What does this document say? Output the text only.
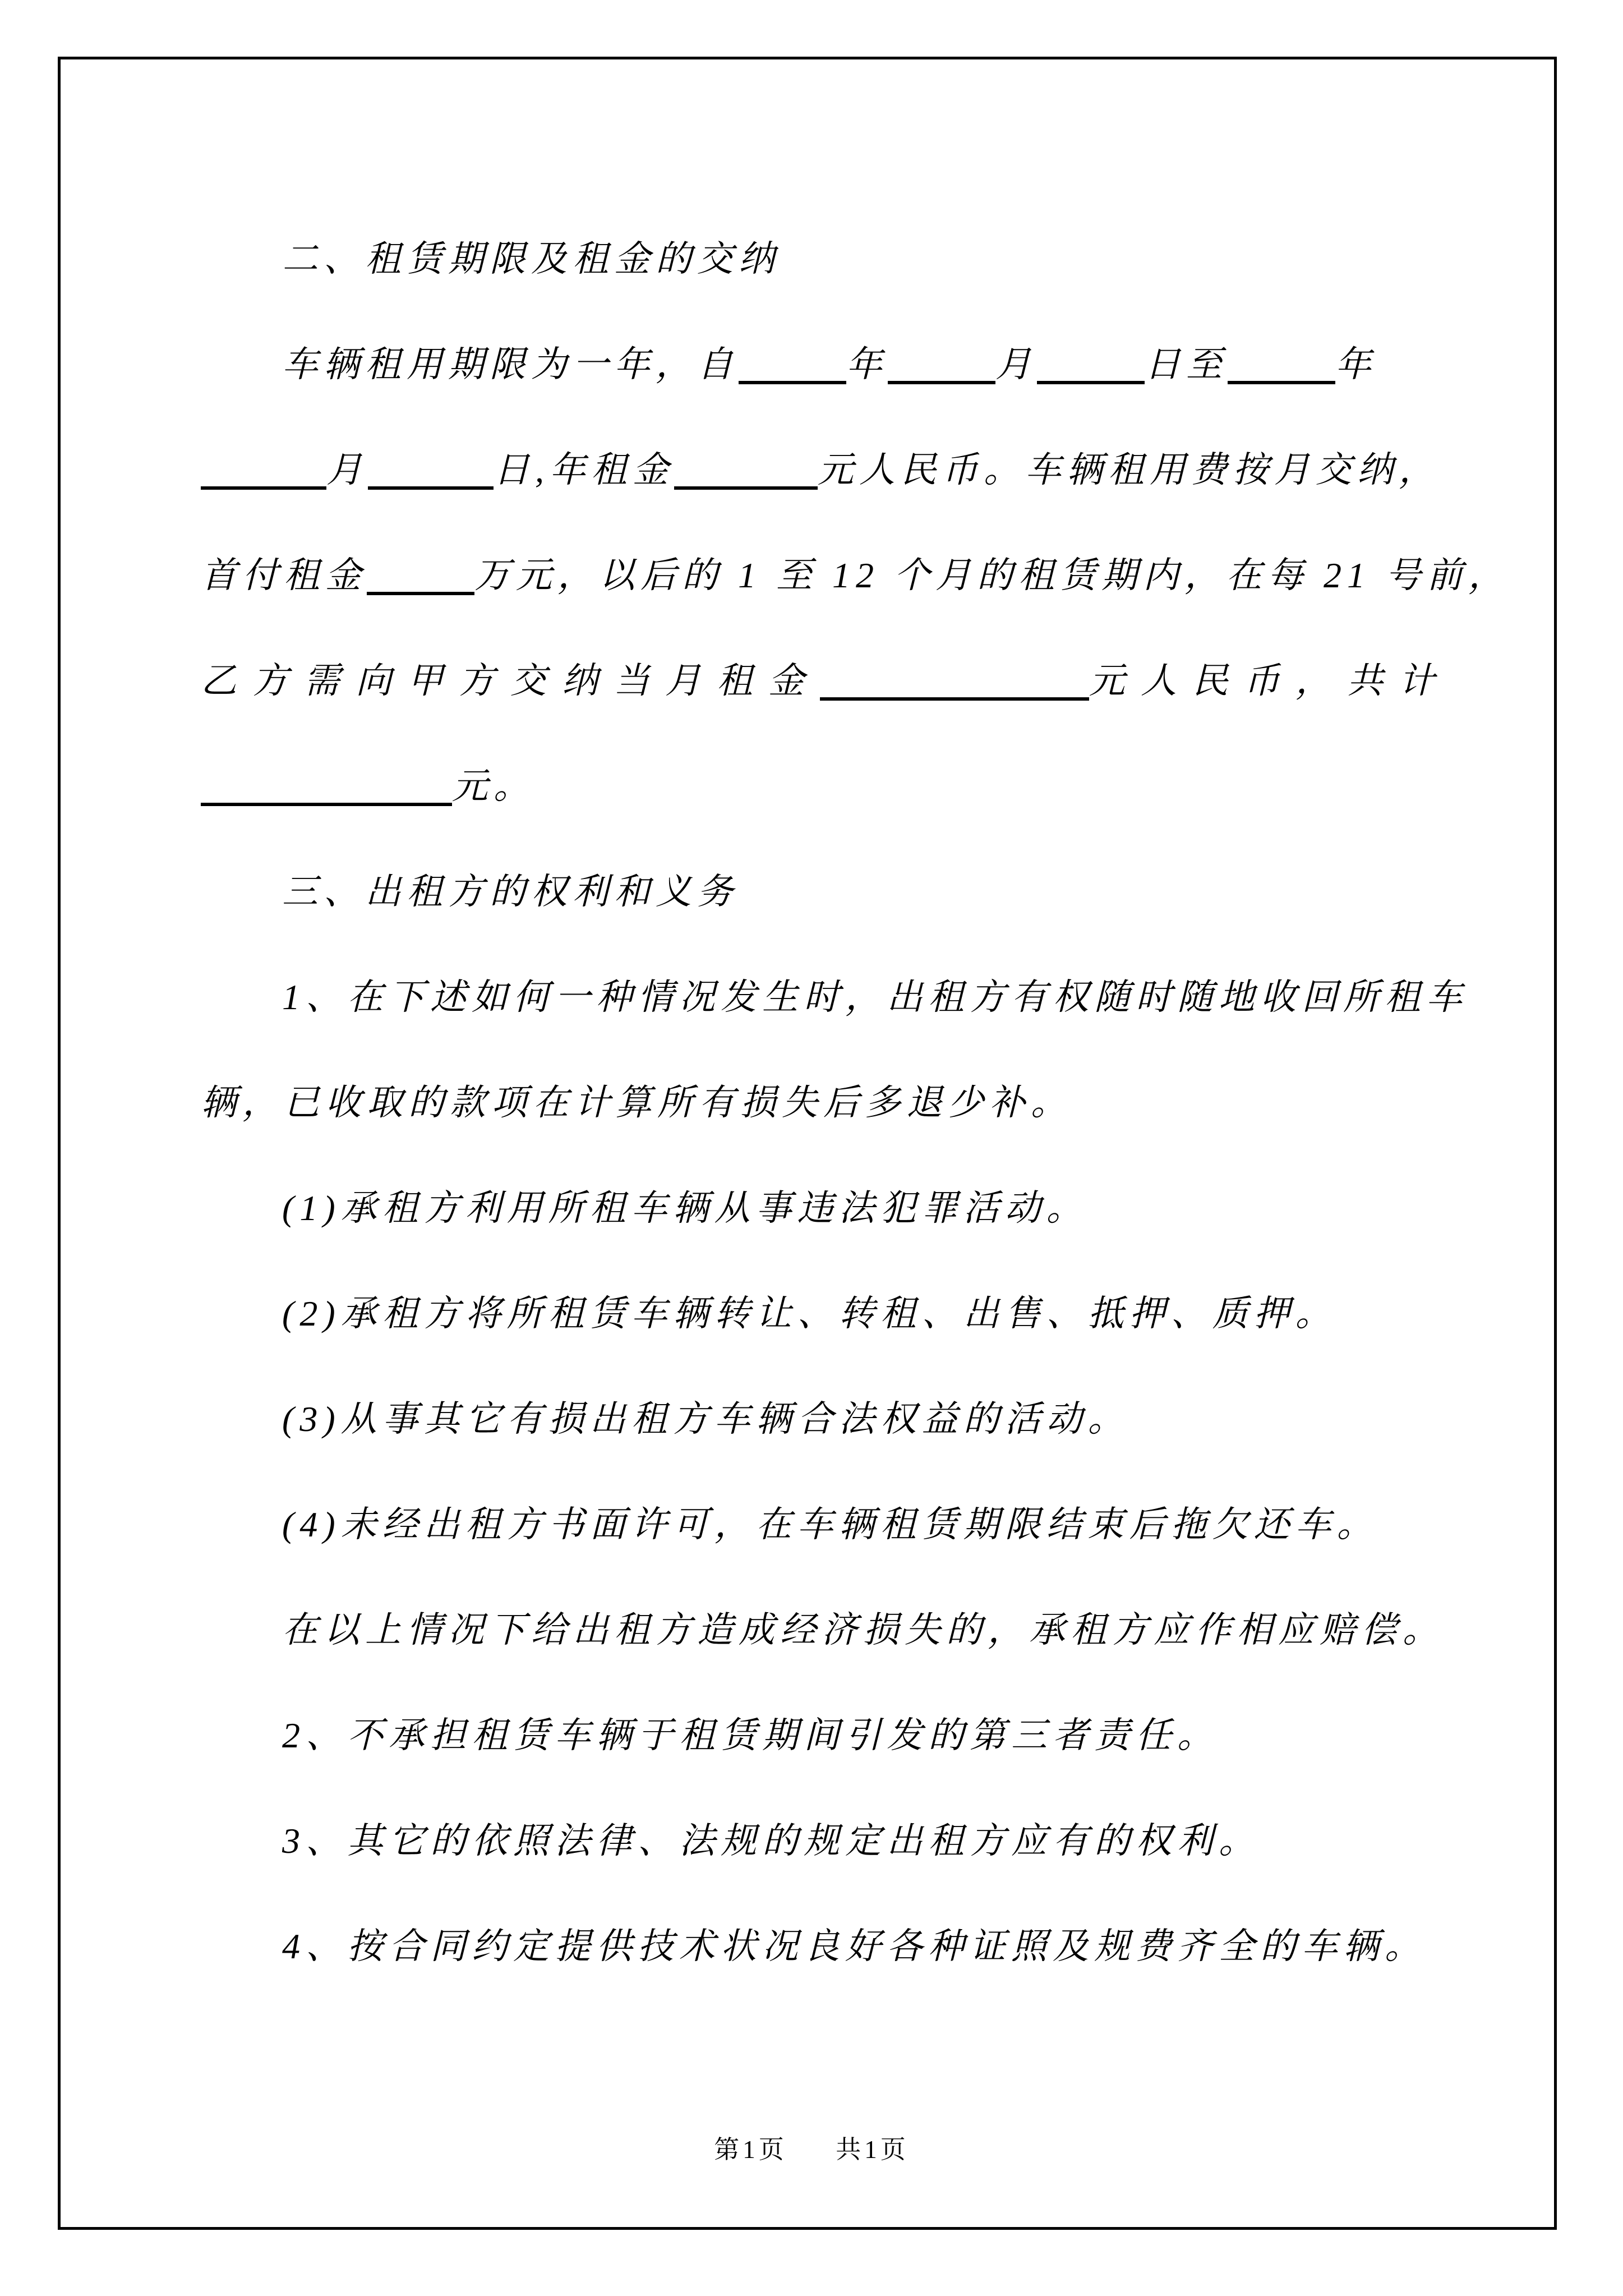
二、租赁期限及租金的交纳
车辆租用期限为一年，自	年	月	日至	年
月	日,年租金	元人民币。车辆租用费按月交纳，
首付租金	万元，以后的 1 至 12 个月的租赁期内，在每 21 号前，
乙方需向甲方交纳当月租金	元人民币，共计
元。
三、出租方的权利和义务
1、在下述如何一种情况发生时，出租方有权随时随地收回所租车
辆，已收取的款项在计算所有损失后多退少补。
(1)承租方利用所租车辆从事违法犯罪活动。
(2)承租方将所租赁车辆转让、转租、出售、抵押、质押。
(3)从事其它有损出租方车辆合法权益的活动。
(4)未经出租方书面许可，在车辆租赁期限结束后拖欠还车。
在以上情况下给出租方造成经济损失的，承租方应作相应赔偿。
2、不承担租赁车辆于租赁期间引发的第三者责任。
3、其它的依照法律、法规的规定出租方应有的权利。
4、按合同约定提供技术状况良好各种证照及规费齐全的车辆。
第1页 共1页
